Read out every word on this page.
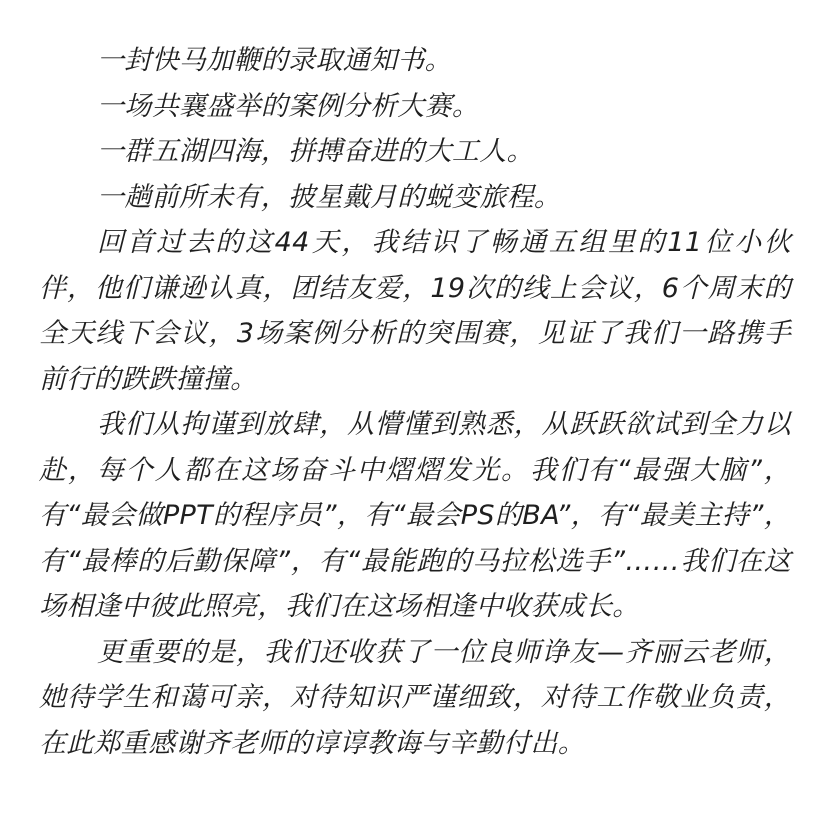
一封快马加鞭的录取通知书。

一场共襄盛举的案例分析大赛。

一群五湖四海，拼搏奋进的大工人。

一趟前所未有，披星戴月的蜕变旅程。

回首过去的这44天，我结识了畅通五组里的11位小伙伴，他们谦逊认真，团结友爱，19次的线上会议，6个周末的全天线下会议，3场案例分析的突围赛，见证了我们一路携手前行的跌跌撞撞。

我们从拘谨到放肆，从懵懂到熟悉，从跃跃欲试到全力以赴，每个人都在这场奋斗中熠熠发光。我们有“最强大脑”，有“最会做PPT的程序员”，有“最会PS的BA”，有“最美主持”，有“最棒的后勤保障”，有“最能跑的马拉松选手”……我们在这场相逢中彼此照亮，我们在这场相逢中收获成长。

更重要的是，我们还收获了一位良师诤友—齐丽云老师，她待学生和蔼可亲，对待知识严谨细致，对待工作敬业负责，在此郑重感谢齐老师的谆谆教诲与辛勤付出。
